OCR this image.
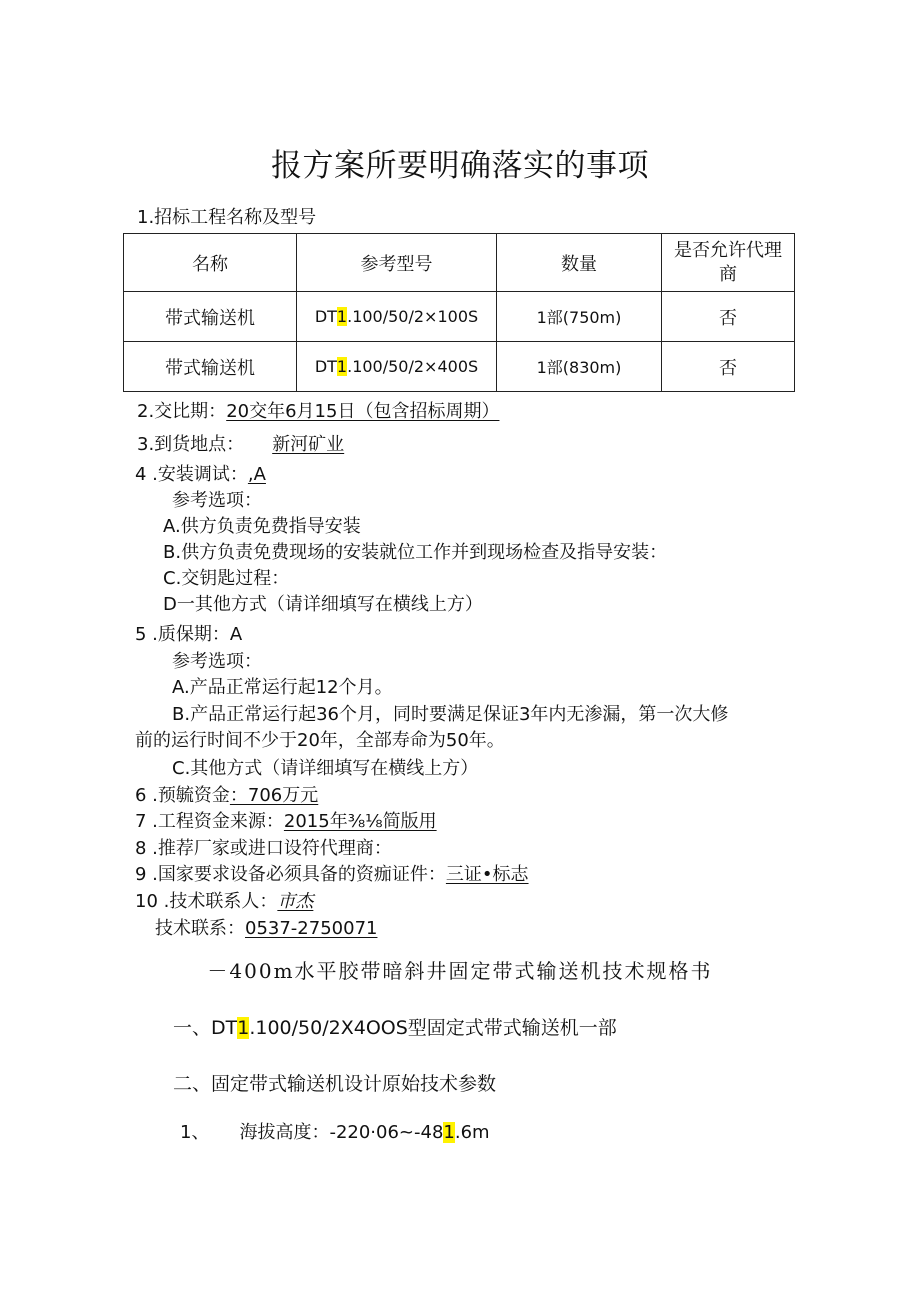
报方案所要明确落实的事项
1.招标工程名称及型号
名称	参考型号	数量	是否允许代理
商
带式输送机	DT1.100/50/2×100S	1部(750m)	否
带式输送机	DT1.100/50/2×400S	1部(830m)	否
2.交比期：20交年6月15日（包含招标周期）
3.到货地点： 新河矿业
4 .安装调试：,A
参考选项：
A.供方负责免费指导安装
B.供方负责免费现场的安装就位工作并到现场检查及指导安装：
C.交钥匙过程：
D一其他方式（请详细填写在横线上方）
5 .质保期：A
参考选项：
A.产品正常运行起12个月。
B.产品正常运行起36个月，同时要满足保证3年内无渗漏，第一次大修
前的运行时间不少于20年，全部寿命为50年。
C.其他方式（请详细填写在横线上方）
6 .预毓资金：706万元
7 .工程资金来源：2015年⅜⅛简版用
8 .推荐厂家或进口设符代理商：
9 .国家要求设备必须具备的资痂证件：三证•标志
10 .技术联系人：市杰
技术联系：0537-2750071
－400m水平胶带暗斜井固定带式输送机技术规格书
一、DT1.100/50/2X4OOS型固定式带式输送机一部
二、固定带式输送机设计原始技术参数
1、 海拔高度：-220·06~-481.6m
